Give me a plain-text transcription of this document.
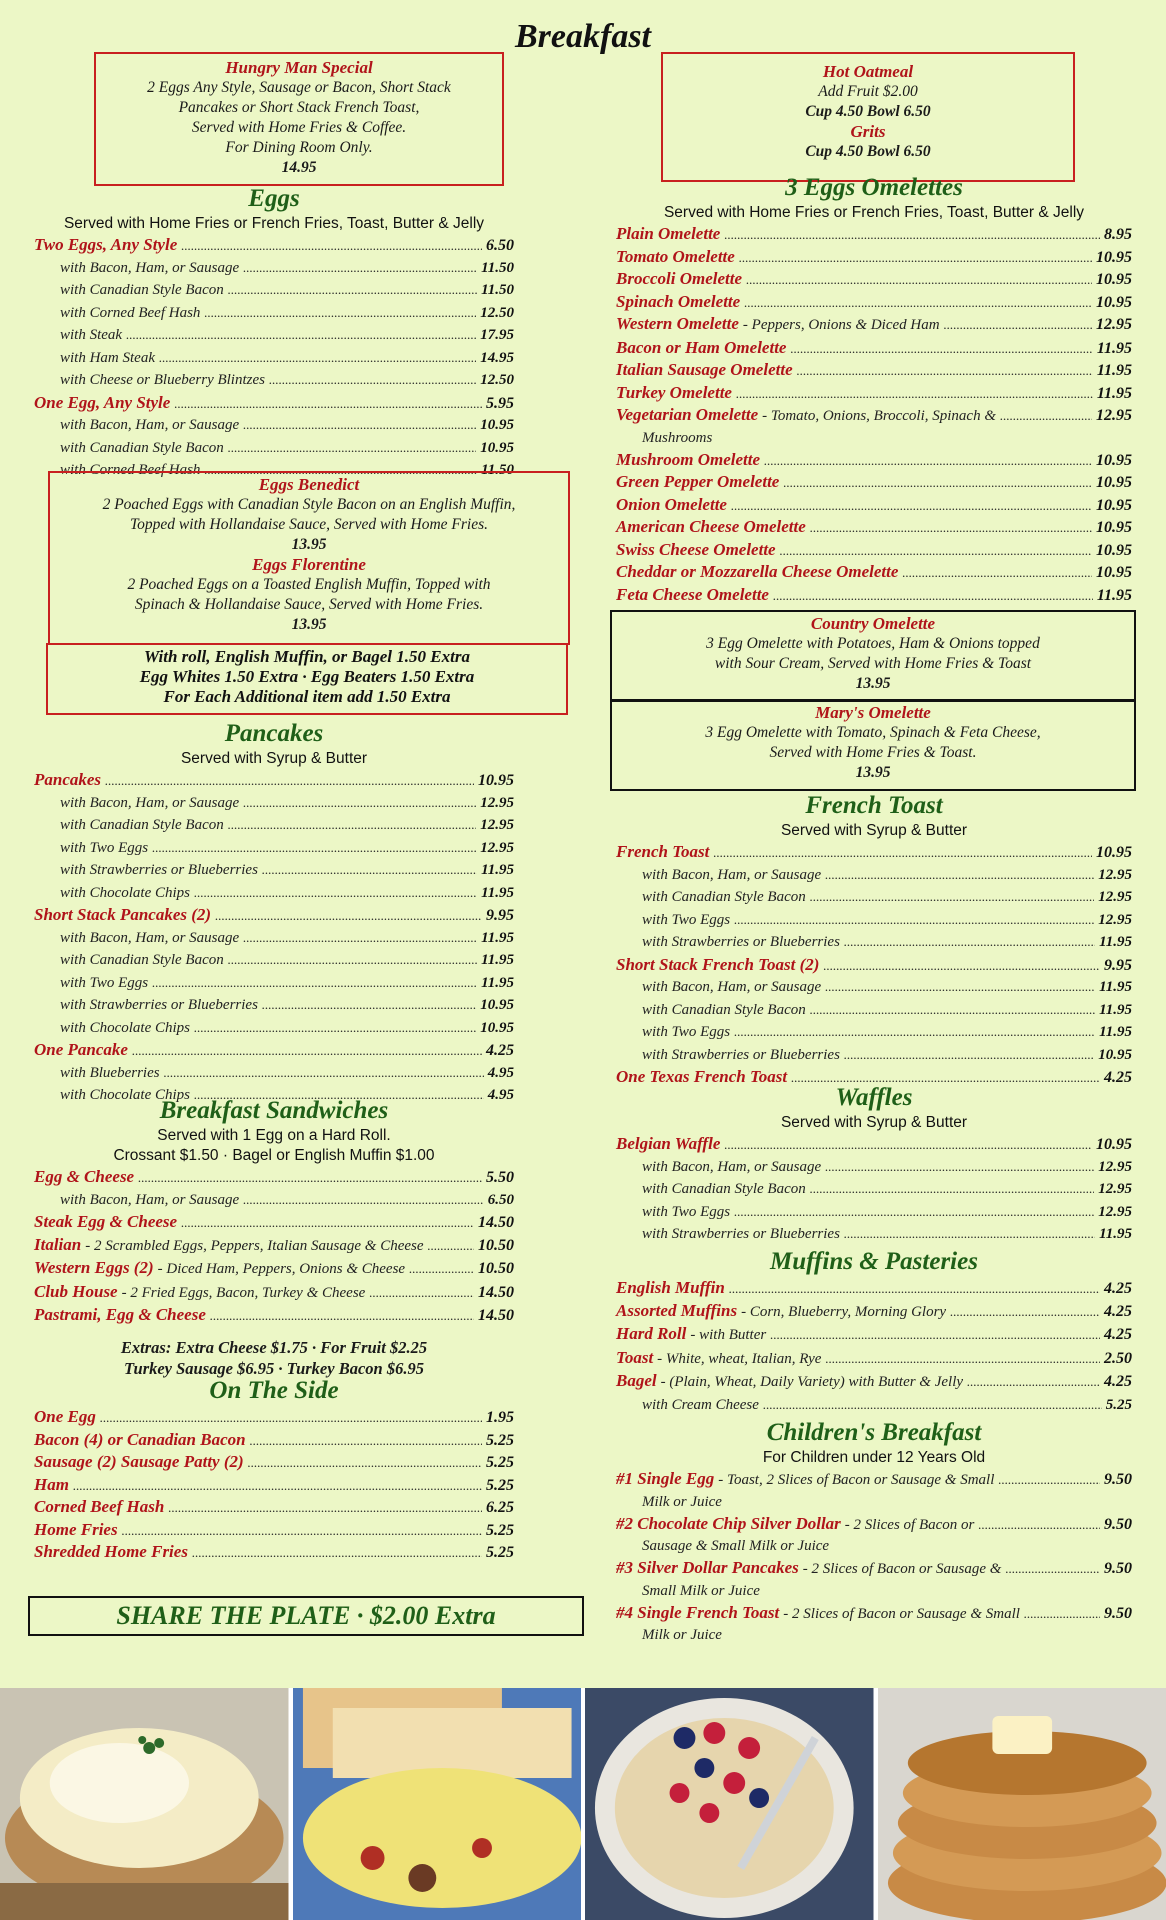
Breakfast
Hungry Man Special
2 Eggs Any Style, Sausage or Bacon, Short Stack
Pancakes or Short Stack French Toast,
Served with Home Fries & Coffee.
For Dining Room Only.
14.95
Eggs
Served with Home Fries or French Fries, Toast, Butter & Jelly
Two Eggs, Any Style .....	6.50
with Bacon, Ham, or Sausage .....	11.50
with Canadian Style Bacon .....	11.50
with Corned Beef Hash .....	12.50
with Steak .....	17.95
with Ham Steak .....	14.95
with Cheese or Blueberry Blintzes .....	12.50
One Egg, Any Style .....	5.95
with Bacon, Ham, or Sausage .....	10.95
with Canadian Style Bacon .....	10.95
with Corned Beef Hash .....	11.50
Eggs Benedict
2 Poached Eggs with Canadian Style Bacon on an English Muffin,
Topped with Hollandaise Sauce, Served with Home Fries.
13.95
Eggs Florentine
2 Poached Eggs on a Toasted English Muffin, Topped with
Spinach & Hollandaise Sauce, Served with Home Fries.
13.95
With roll, English Muffin, or Bagel 1.50 Extra
Egg Whites 1.50 Extra · Egg Beaters 1.50 Extra
For Each Additional item add 1.50 Extra
Pancakes
Served with Syrup & Butter
Pancakes .....	10.95
with Bacon, Ham, or Sausage .....	12.95
with Canadian Style Bacon .....	12.95
with Two Eggs .....	12.95
with Strawberries or Blueberries .....	11.95
with Chocolate Chips .....	11.95
Short Stack Pancakes (2) .....	9.95
with Bacon, Ham, or Sausage .....	11.95
with Canadian Style Bacon .....	11.95
with Two Eggs .....	11.95
with Strawberries or Blueberries .....	10.95
with Chocolate Chips .....	10.95
One Pancake .....	4.25
with Blueberries .....	4.95
with Chocolate Chips .....	4.95
Breakfast Sandwiches
Served with 1 Egg on a Hard Roll.
Crossant $1.50 · Bagel or English Muffin $1.00
Egg & Cheese .....	5.50
with Bacon, Ham, or Sausage .....	6.50
Steak Egg & Cheese .....	14.50
Italian - 2 Scrambled Eggs, Peppers, Italian Sausage & Cheese .....	10.50
Western Eggs (2) - Diced Ham, Peppers, Onions & Cheese .....	10.50
Club House - 2 Fried Eggs, Bacon, Turkey & Cheese .....	14.50
Pastrami, Egg & Cheese .....	14.50
Extras: Extra Cheese $1.75 · For Fruit $2.25
Turkey Sausage $6.95 · Turkey Bacon $6.95
On The Side
One Egg .....	1.95
Bacon (4) or Canadian Bacon .....	5.25
Sausage (2) Sausage Patty (2) .....	5.25
Ham .....	5.25
Corned Beef Hash .....	6.25
Home Fries .....	5.25
Shredded Home Fries .....	5.25
SHARE THE PLATE · $2.00 Extra
Hot Oatmeal
Add Fruit $2.00
Cup 4.50 Bowl 6.50
Grits
Cup 4.50 Bowl 6.50
3 Eggs Omelettes
Served with Home Fries or French Fries, Toast, Butter & Jelly
Plain Omelette .....	8.95
Tomato Omelette .....	10.95
Broccoli Omelette .....	10.95
Spinach Omelette .....	10.95
Western Omelette - Peppers, Onions & Diced Ham .....	12.95
Bacon or Ham Omelette .....	11.95
Italian Sausage Omelette .....	11.95
Turkey Omelette .....	11.95
Vegetarian Omelette - Tomato, Onions, Broccoli, Spinach & .....	12.95
Mushrooms
Mushroom Omelette .....	10.95
Green Pepper Omelette .....	10.95
Onion Omelette .....	10.95
American Cheese Omelette .....	10.95
Swiss Cheese Omelette .....	10.95
Cheddar or Mozzarella Cheese Omelette .....	10.95
Feta Cheese Omelette .....	11.95
Country Omelette
3 Egg Omelette with Potatoes, Ham & Onions topped
with Sour Cream, Served with Home Fries & Toast
13.95
Mary's Omelette
3 Egg Omelette with Tomato, Spinach & Feta Cheese,
Served with Home Fries & Toast.
13.95
French Toast
Served with Syrup & Butter
French Toast .....	10.95
with Bacon, Ham, or Sausage .....	12.95
with Canadian Style Bacon .....	12.95
with Two Eggs .....	12.95
with Strawberries or Blueberries .....	11.95
Short Stack French Toast (2) .....	9.95
with Bacon, Ham, or Sausage .....	11.95
with Canadian Style Bacon .....	11.95
with Two Eggs .....	11.95
with Strawberries or Blueberries .....	10.95
One Texas French Toast .....	4.25
Waffles
Served with Syrup & Butter
Belgian Waffle .....	10.95
with Bacon, Ham, or Sausage .....	12.95
with Canadian Style Bacon .....	12.95
with Two Eggs .....	12.95
with Strawberries or Blueberries .....	11.95
Muffins & Pasteries
English Muffin .....	4.25
Assorted Muffins - Corn, Blueberry, Morning Glory .....	4.25
Hard Roll - with Butter .....	4.25
Toast - White, wheat, Italian, Rye .....	2.50
Bagel - (Plain, Wheat, Daily Variety) with Butter & Jelly .....	4.25
with Cream Cheese .....	5.25
Children's Breakfast
For Children under 12 Years Old
#1 Single Egg - Toast, 2 Slices of Bacon or Sausage & Small .....	9.50
Milk or Juice
#2 Chocolate Chip Silver Dollar - 2 Slices of Bacon or .....	9.50
Sausage & Small Milk or Juice
#3 Silver Dollar Pancakes - 2 Slices of Bacon or Sausage & .....	9.50
Small Milk or Juice
#4 Single French Toast - 2 Slices of Bacon or Sausage & Small .....	9.50
Milk or Juice
